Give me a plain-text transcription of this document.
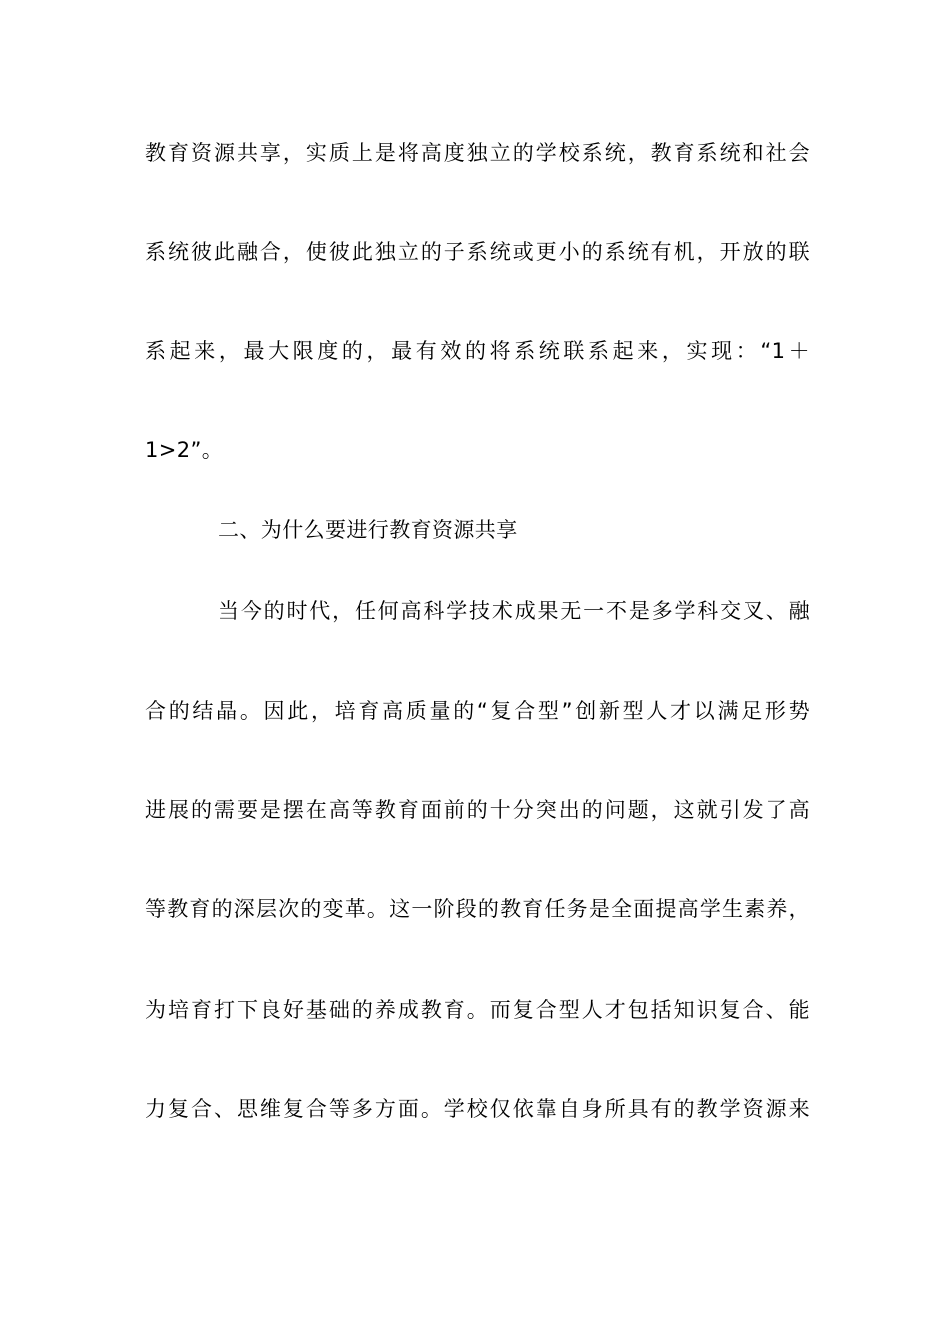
教育资源共享，实质上是将高度独立的学校系统，教育系统和社会
系统彼此融合，使彼此独立的子系统或更小的系统有机，开放的联
系起来，最大限度的，最有效的将系统联系起来，实现：“1＋
1>2”。
二、为什么要进行教育资源共享
当今的时代，任何高科学技术成果无一不是多学科交叉、融
合的结晶。因此，培育高质量的“复合型”创新型人才以满足形势
进展的需要是摆在高等教育面前的十分突出的问题，这就引发了高
等教育的深层次的变革。这一阶段的教育任务是全面提高学生素养，
为培育打下良好基础的养成教育。而复合型人才包括知识复合、能
力复合、思维复合等多方面。学校仅依靠自身所具有的教学资源来
